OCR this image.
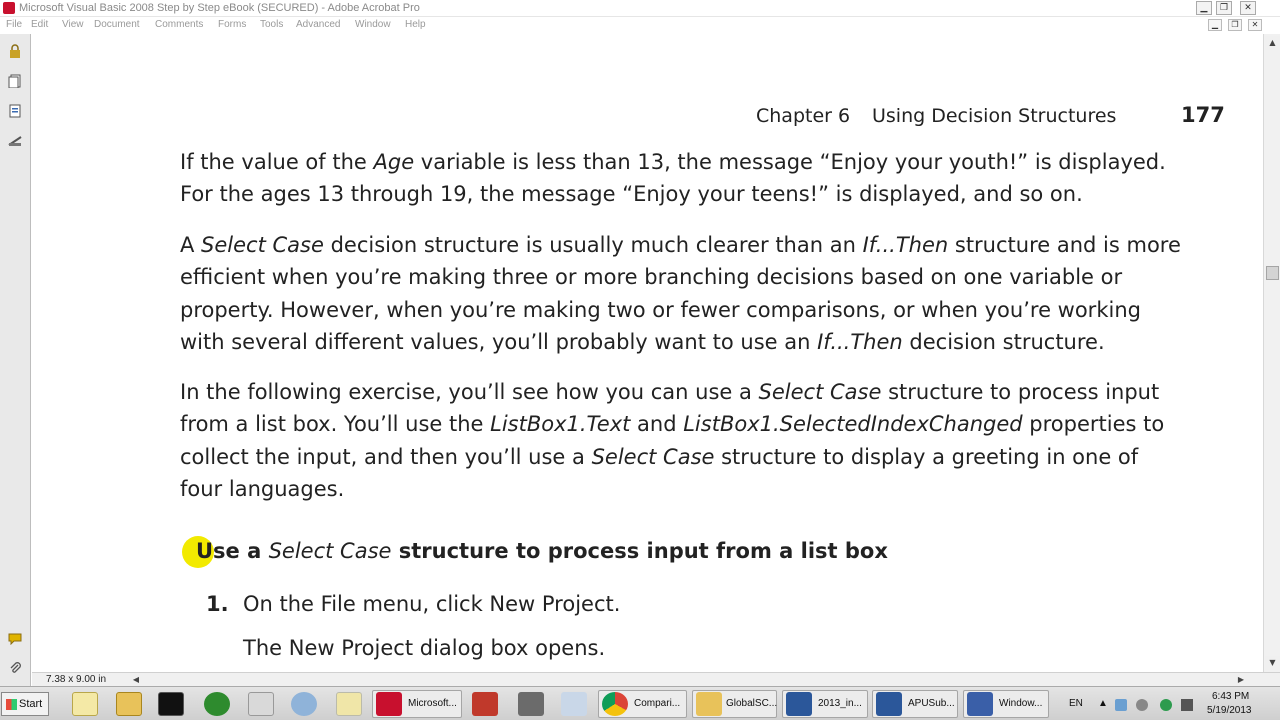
Microsoft Visual Basic 2008 Step by Step eBook (SECURED) - Adobe Acrobat Pro	▁	❐	✕
File Edit View Document Comments Forms Tools Advanced Window Help	▁	❐	✕
Chapter 6 Using Decision Structures	177
If the value of the Age variable is less than 13, the message “Enjoy your youth!” is displayed.
For the ages 13 through 19, the message “Enjoy your teens!” is displayed, and so on.
A Select Case decision structure is usually much clearer than an If...Then structure and is more
efficient when you’re making three or more branching decisions based on one variable or
property. However, when you’re making two or fewer comparisons, or when you’re working
with several different values, you’ll probably want to use an If...Then decision structure.
In the following exercise, you’ll see how you can use a Select Case structure to process input
from a list box. You’ll use the ListBox1.Text and ListBox1.SelectedIndexChanged properties to
collect the input, and then you’ll use a Select Case structure to display a greeting in one of
four languages.
Use a Select Case structure to process input from a list box
1. On the File menu, click New Project.
The New Project dialog box opens.
▲
▼
7.38 x 9.00 in	◀	▶
Start	Microsoft...	Compari...	GlobalSC...	2013_in...	APUSub...	Window...	EN ▲
6:43 PM
5/19/2013
